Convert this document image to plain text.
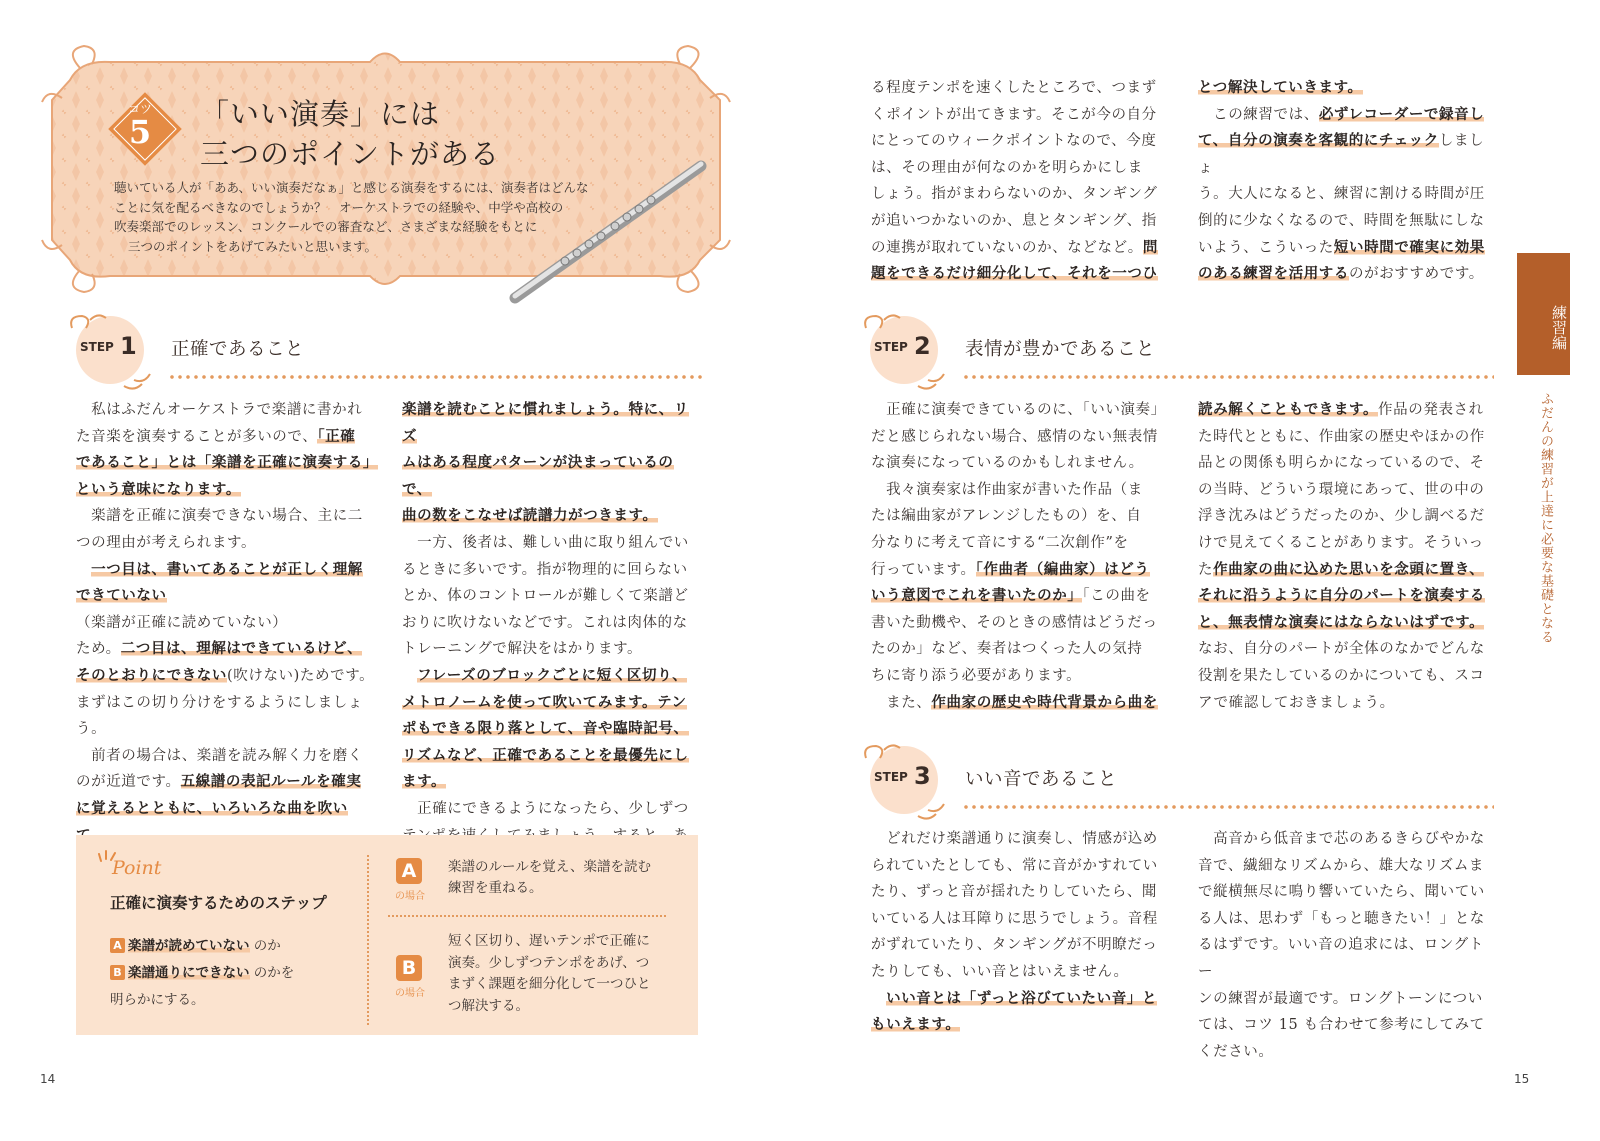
コツ
5	「いい演奏」には
三つのポイントがある
聴いている人が「ああ、いい演奏だなぁ」と感じる演奏をするには、演奏者はどんな
ことに気を配るべきなのでしょうか？　オーケストラでの経験や、中学や高校の
吹奏楽部でのレッスン、コンクールでの審査など、さまざまな経験をもとに
三つのポイントをあげてみたいと思います。
STEP 1 正確であること	STEP 2 表情が豊かであること
STEP 3 いい音であること

　私はふだんオーケストラで楽譜に書かれ

た音楽を演奏することが多いので、「正確

であること」とは「楽譜を正確に演奏する」

という意味になります。

　楽譜を正確に演奏できない場合、主に二

つの理由が考えられます。

　一つ目は、書いてあることが正しく理解

できていない（楽譜が正確に読めていない）

ため。二つ目は、理解はできているけど、

そのとおりにできない(吹けない)ためです。

まずはこの切り分けをするようにしましょ

う。

　前者の場合は、楽譜を読み解く力を磨く

のが近道です。五線譜の表記ルールを確実

に覚えるとともに、いろいろな曲を吹い

楽譜を読むことに慣れましょう。特に、リズ

ムはある程度パターンが決まっているので、

曲の数をこなせば読譜力がつきます。

　一方、後者は、難しい曲に取り組んでい

るときに多いです。指が物理的に回らない

とか、体のコントロールが難しくて楽譜ど

おりに吹けないなどです。これは肉体的な

トレーニングで解決をはかります。

　フレーズのブロックごとに短く区切り、

メトロノームを使って吹いてみます。テン

ポもできる限り落として、音や臨時記号、

リズムなど、正確であることを最優先にし

ます。

　正確にできるようになったら、少しずつ

る程度テンポを速くしたところで、つまず

くポイントが出てきます。そこが今の自分

にとってのウィークポイントなので、今度

は、その理由が何なのかを明らかにしま

しょう。指がまわらないのか、タンギング

が追いつかないのか、息とタンギング、指

の連携が取れていないのか、などなど。問

題をできるだけ細分化して、それを一つひ

とつ解決していきます。

　この練習では、必ずレコーダーで録音し

て、自分の演奏を客観的にチェックしましょ

う。大人になると、練習に割ける時間が圧

倒的に少なくなるので、時間を無駄にしな

いよう、こういった短い時間で確実に効果

のある練習を活用するのがおすすめです。

　正確に演奏できているのに、「いい演奏」

だと感じられない場合、感情のない無表情

な演奏になっているのかもしれません。

　我々演奏家は作曲家が書いた作品（ま

たは編曲家がアレンジしたもの）を、自

分なりに考えて音にする“二次創作”を

行っています。「作曲者（編曲家）はどう

いう意図でこれを書いたのか」「この曲を

書いた動機や、そのときの感情はどうだっ

たのか」など、奏者はつくった人の気持

ちに寄り添う必要があります。

　また、作曲家の歴史や時代背景から曲を

読み解くこともできます。作品の発表され

た時代とともに、作曲家の歴史やほかの作

品との関係も明らかになっているので、そ

の当時、どういう環境にあって、世の中の

浮き沈みはどうだったのか、少し調べるだ

けで見えてくることがあります。そういっ

た作曲家の曲に込めた思いを念頭に置き、

それに沿うように自分のパートを演奏する

と、無表情な演奏にはならないはずです。

なお、自分のパートが全体のなかでどんな

役割を果たしているのかについても、スコ

アで確認しておきましょう。

　どれだけ楽譜通りに演奏し、情感が込め

られていたとしても、常に音がかすれてい

たり、ずっと音が揺れたりしていたら、聞

いている人は耳障りに思うでしょう。音程

がずれていたり、タンギングが不明瞭だっ

たりしても、いい音とはいえません。

　いい音とは「ずっと浴びていたい音」と

もいえます。

　高音から低音まで芯のあるきらびやかな

音で、繊細なリズムから、雄大なリズムま

で縦横無尽に鳴り響いていたら、聞いてい

る人は、思わず「もっと聴きたい！」とな

るはずです。いい音の追求には、ロングトー

ンの練習が最適です。ロングトーンについ

ては、コツ 15 も合わせて参考にしてみて

ください。

Point
正確に演奏するためのステップ
A 楽譜が読めていない のか
B 楽譜通りにできない のかを
明らかにする。
A
の場合
楽譜のルールを覚え、楽譜を読む
練習を重ねる。
B
の場合
短く区切り、遅いテンポで正確に
演奏。少しずつテンポをあげ、つ
まずく課題を細分化して一つひと
つ解決する。
練習編
ふだんの練習が上達に必要な基礎となる
14	15
